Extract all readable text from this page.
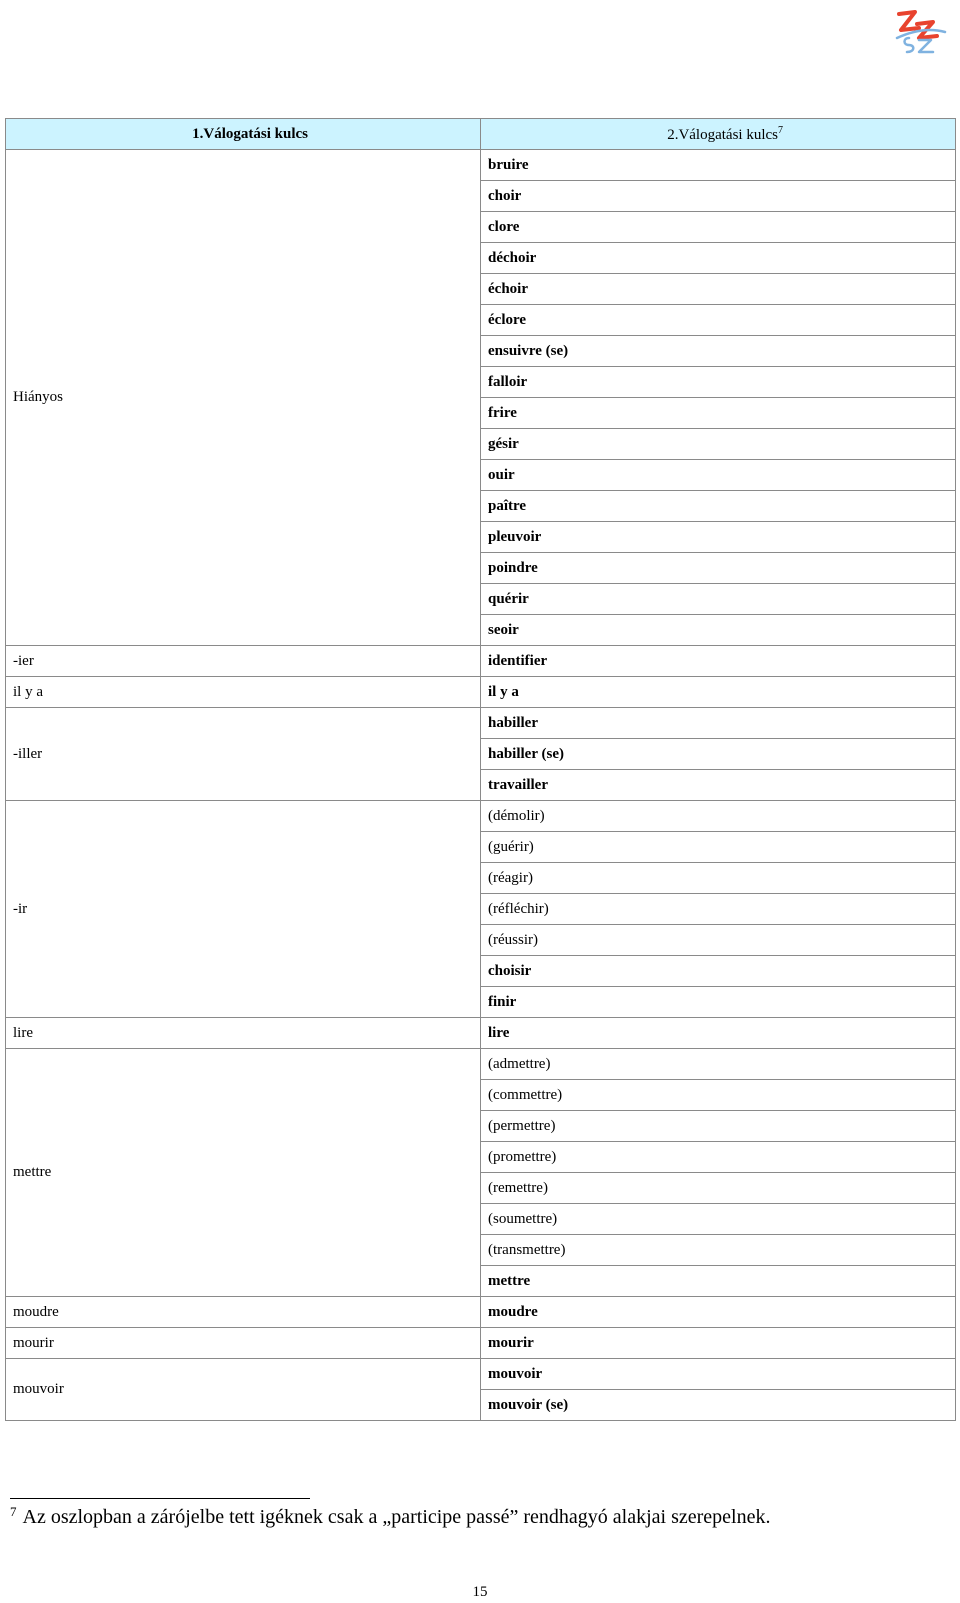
1.Válogatási kulcs	2.Válogatási kulcs$^7$
Hiányos	bruire
	choir
	clore
	déchoir
	échoir
	éclore
	ensuivre (se)
	falloir
	frire
	gésir
	ouir
	paître
	pleuvoir
	poindre
	quérir
	seoir
-ier	identifier
il y a	il y a
-iller	habiller
	habiller (se)
	travailler
-ir	(démolir)
	(guérir)
	(réagir)
	(réfléchir)
	(réussir)
	choisir
	finir
lire	lire
mettre	(admettre)
	(commettre)
	(permettre)
	(promettre)
	(remettre)
	(soumettre)
	(transmettre)
	mettre
moudre	moudre
mourir	mourir
mouvoir	mouvoir
	mouvoir (se)
$^7$ Az oszlopban a zárójelbe tett igéknek csak a „participe passé” rendhagyó alakjai szerepelnek.
15
